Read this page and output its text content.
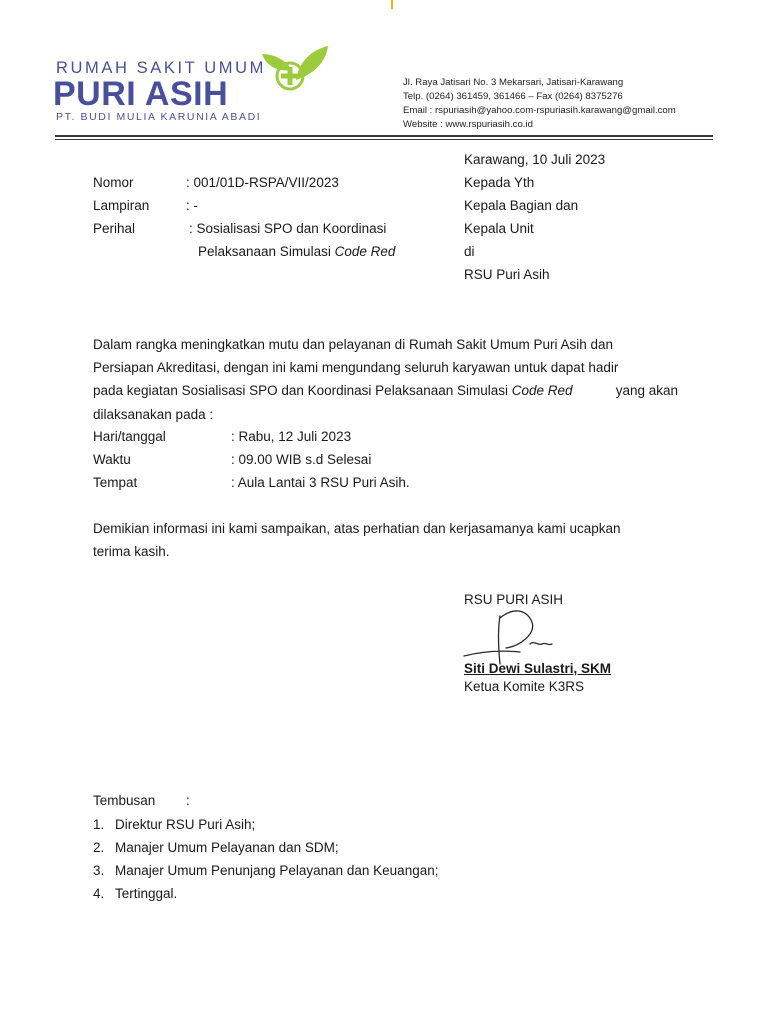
RUMAH SAKIT UMUM
PURI ASIH
PT. BUDI MULIA KARUNIA ABADI
Jl. Raya Jatisari No. 3 Mekarsari, Jatisari-Karawang
Telp. (0264) 361459, 361466 – Fax (0264) 8375276
Email : rspuriasih@yahoo.com-rspuriasih.karawang@gmail.com
Website : www.rspuriasih.co.id
Karawang, 10 Juli 2023
Kepada Yth
Kepala Bagian dan
Kepala Unit
di
RSU Puri Asih
Nomor	: 001/01D-RSPA/VII/2023
Lampiran	: -
Perihal	: Sosialisasi SPO dan Koordinasi
Pelaksanaan Simulasi Code Red
Dalam rangka meningkatkan mutu dan pelayanan di Rumah Sakit Umum Puri Asih dan
Persiapan Akreditasi, dengan ini kami mengundang seluruh karyawan untuk dapat hadir
pada kegiatan Sosialisasi SPO dan Koordinasi Pelaksanaan Simulasi Code Red	yang akan
dilaksanakan pada :
Hari/tanggal	: Rabu, 12 Juli 2023
Waktu	: 09.00 WIB s.d Selesai
Tempat	: Aula Lantai 3 RSU Puri Asih.
Demikian informasi ini kami sampaikan, atas perhatian dan kerjasamanya kami ucapkan
terima kasih.
RSU PURI ASIH
Siti Dewi Sulastri, SKM
Ketua Komite K3RS
Tembusan :
1. Direktur RSU Puri Asih;
2. Manajer Umum Pelayanan dan SDM;
3. Manajer Umum Penunjang Pelayanan dan Keuangan;
4. Tertinggal.
